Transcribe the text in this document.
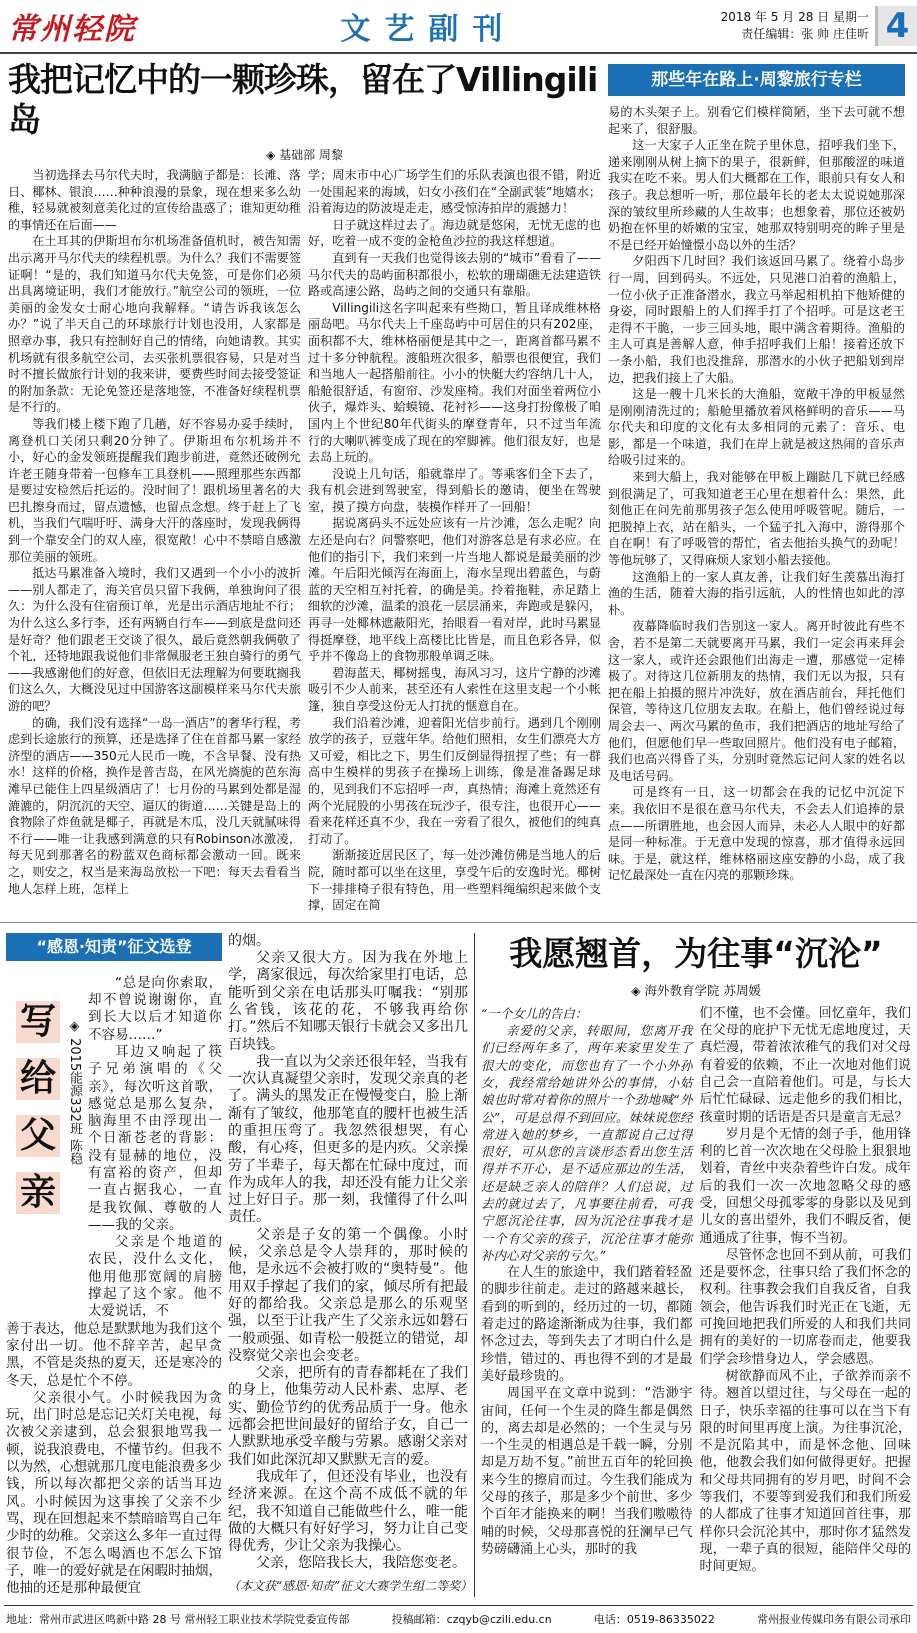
常州轻院	文艺副刊	2018 年 5 月 28 日 星期一
责任编辑：张 帅 庄佳昕 4
我把记忆中的一颗珍珠，留在了Villingili岛
◈ 基础部 周黎

当初选择去马尔代夫时，我满脑子都是：长滩、落日、椰林、银浪……种种浪漫的景象，现在想来多么幼稚，轻易就被刻意美化过的宣传给蛊惑了；谁知更幼稚的事情还在后面——

在土耳其的伊斯坦布尔机场准备值机时，被告知需出示离开马尔代夫的续程机票。为什么？我们不需要签证啊！“是的，我们知道马尔代夫免签，可是你们必须出具离境证明，我们才能放行。”航空公司的领班，一位美丽的金发女士耐心地向我解释。“请告诉我该怎么办？”说了半天自己的环球旅行计划也没用，人家都是照章办事，我只有控制好自己的情绪，向她请教。其实机场就有很多航空公司，去买张机票很容易，只是对当时不擅长做旅行计划的我来讲，要费些时间去接受签证的附加条款：无论免签还是落地签，不准备好续程机票是不行的。

等我们楼上楼下跑了几趟，好不容易办妥手续时，离登机口关闭只剩20分钟了。伊斯坦布尔机场并不小，好心的金发领班提醒我们跑步前进，竟然还破例允许老王随身带着一包修车工具登机——照理那些东西都是要过安检然后托运的。没时间了！跟机场里著名的大巴扎擦身而过，留点遗憾，也留点念想。终于赶上了飞机，当我们气喘吁吁、满身大汗的落座时，发现我俩得到一个靠安全门的双人座，很宽敞！心中不禁暗自感激那位美丽的领班。

抵达马累准备入境时，我们又遇到一个小小的波折——别人都走了，海关官员只留下我俩，单独询问了很久：为什么没有住宿预订单，光是出示酒店地址不行；为什么这么多行李，还有两辆自行车——到底是盘问还是好奇？他们跟老王交谈了很久，最后竟然朝我俩敬了个礼，还特地跟我说他们非常佩服老王独自骑行的勇气——我感谢他们的好意，但依旧无法理解为何要耽搁我们这么久，大概没见过中国游客这副模样来马尔代夫旅游的吧？

的确，我们没有选择“一岛一酒店”的奢华行程，考虑到长途旅行的预算，还是选择了住在首都马累一家经济型的酒店——350元人民币一晚，不含早餐、没有热水！这样的价格，换作是普吉岛，在风光旖旎的芭东海滩早已能住上四星级酒店了！七月份的马累到处都是湿漉漉的，阴沉沉的天空、逼仄的街道……关键是岛上的食物除了炸鱼就是椰子，再就是木瓜，没几天就腻味得不行——唯一让我感到满意的只有Robinson冰激凌，每天见到那著名的粉蓝双色商标都会激动一回。既来之，则安之，权当是来海岛放松一下吧：每天去看看当地人怎样上班，怎样上

学；周末市中心广场学生们的乐队表演也很不错，附近一处围起来的海域，妇女小孩们在“全副武装”地嬉水；沿着海边的防波堤走走，感受惊涛拍岸的震撼力！

日子就这样过去了。海边就是悠闲，无忧无虑的也好，吃着一成不变的金枪鱼沙拉的我这样想道。

直到有一天我们也觉得该去别的“城市”看看了——马尔代夫的岛屿面积都很小，松软的珊瑚礁无法建造铁路或高速公路，岛屿之间的交通只有靠船。

Villingili这名字叫起来有些拗口，暂且译成维林格丽岛吧。马尔代夫上千座岛屿中可居住的只有202座，面积都不大，维林格丽便是其中之一，距离首都马累不过十多分钟航程。渡船班次很多，船票也很便宜，我们和当地人一起搭船前往。小小的快艇大约容纳几十人，船舱很舒适，有窗帘、沙发座椅。我们对面坐着两位小伙子，爆炸头、蛤蟆镜、花衬衫——这身打扮像极了咱国内上个世纪80年代街头的摩登青年，只不过当年流行的大喇叭裤变成了现在的窄脚裤。他们很友好，也是去岛上玩的。

没说上几句话，船就靠岸了。等乘客们全下去了，我有机会进到驾驶室，得到船长的邀请，便坐在驾驶室，摸了摸方向盘，装模作样开了一回船！

据说离码头不远处应该有一片沙滩，怎么走呢？向左还是向右？问警察吧，他们对游客总是有求必应。在他们的指引下，我们来到一片当地人都说是最美丽的沙滩。午后阳光倾泻在海面上，海水呈现出碧蓝色，与蔚蓝的天空相互衬托着，的确是美。拎着拖鞋，赤足踏上细软的沙滩，温柔的浪花一层层涌来，奔跑或是躲闪，再寻一处椰林遮蔽阳光，抬眼看一看对岸，此时马累显得挺摩登，地平线上高楼比比皆是，而且色彩各异，似乎并不像岛上的食物那般单调乏味。

碧海蓝天，椰树摇曳，海风习习，这片宁静的沙滩吸引不少人前来，甚至还有人索性在这里支起一个小帐篷，独自享受这份无人打扰的惬意自在。

我们沿着沙滩，迎着阳光信步前行。遇到几个刚刚放学的孩子，豆蔻年华。给他们照相，女生们漂亮大方又可爱，相比之下，男生们反倒显得扭捏了些；有一群高中生模样的男孩子在操场上训练，像是准备踢足球的，见到我们不忘招呼一声，真热情；海滩上竟然还有两个光屁股的小男孩在玩沙子，很专注，也很开心——看来花样还真不少，我在一旁看了很久，被他们的纯真打动了。

渐渐接近居民区了，每一处沙滩仿佛是当地人的后院，随时都可以坐在这里，享受午后的安逸时光。椰树下一排排椅子很有特色，用一些塑料绳编织起来做个支撑，固定在简

那些年在路上·周黎旅行专栏

易的木头架子上。别看它们模样简陋，坐下去可就不想起来了，很舒服。

这一大家子人正坐在院子里休息，招呼我们坐下，递来刚刚从树上摘下的果子，很新鲜，但那酸涩的味道我实在吃不来。男人们大概都在工作，眼前只有女人和孩子。我总想听一听，那位最年长的老太太说说她那深深的皱纹里所珍藏的人生故事；也想象着，那位还被奶奶抱在怀里的娇嫩的宝宝，她那双特别明亮的眸子里是不是已经开始憧憬小岛以外的生活？

夕阳西下几时回？我们该返回马累了。绕着小岛步行一周，回到码头。不远处，只见港口泊着的渔船上，一位小伙子正准备潜水，我立马举起相机拍下他矫健的身姿，同时跟船上的人们挥手打了个招呼。可是这老王走得不干脆，一步三回头地，眼中满含着期待。渔船的主人可真是善解人意，伸手招呼我们上船！接着还放下一条小船，我们也没推辞，那潜水的小伙子把船划到岸边，把我们接上了大船。

这是一艘十几米长的大渔船，宽敞干净的甲板显然是刚刚清洗过的；船舱里播放着风格鲜明的音乐——马尔代夫和印度的文化有太多相同的元素了：音乐、电影，都是一个味道，我们在岸上就是被这热闹的音乐声给吸引过来的。

来到大船上，我对能够在甲板上蹦跶几下就已经感到很满足了，可我知道老王心里在想着什么：果然，此刻他正在问先前那男孩子怎么使用呼吸管呢。随后，一把脱掉上衣，站在船头，一个猛子扎入海中，游得那个自在啊！有了呼吸管的帮忙，省去他抬头换气的劲呢！等他玩够了，又得麻烦人家划小船去接他。

这渔船上的一家人真友善，让我们好生羡慕出海打渔的生活，随着大海的指引远航，人的性情也如此的淳朴。

夜幕降临时我们告别这一家人。离开时彼此有些不舍，若不是第二天就要离开马累，我们一定会再来拜会这一家人，或许还会跟他们出海走一遭，那感觉一定棒极了。对待这几位新朋友的热情，我们无以为报，只有把在船上拍摄的照片冲洗好，放在酒店前台，拜托他们保管，等待这几位朋友去取。在船上，他们曾经说过每周会去一、两次马累的鱼市，我们把酒店的地址写给了他们，但愿他们早一些取回照片。他们没有电子邮箱，我们也高兴得昏了头，分别时竟然忘记问人家的姓名以及电话号码。

可是终有一日，这一切都会在我的记忆中沉淀下来。我依旧不是很在意马尔代夫，不会去人们追捧的景点——所谓胜地，也会因人而异，未必人人眼中的好都是同一种标准。于无意中发现的惊喜，那才值得永远回味。于是，就这样，维林格丽这座安静的小岛，成了我记忆最深处一直在闪亮的那颗珍珠。

“感恩·知责”征文选登
写
给
父
亲
◈ 2015能源332班 陈稳

“总是向你索取，却不曾说谢谢你，直到长大以后才知道你不容易……”

耳边又响起了筷子兄弟演唱的《父亲》，每次听这首歌，感觉总是那么复杂，脑海里不由浮现出一个日渐苍老的背影：没有显赫的地位，没有富裕的资产，但却一直占据我心，一直是我钦佩、尊敬的人——我的父亲。

父亲是个地道的农民，没什么文化，他用他那宽阔的肩膀撑起了这个家。他不太爱说话，不

善于表达，他总是默默地为我们这个家付出一切。他不辞辛苦，起早贪黑，不管是炎热的夏天，还是寒冷的冬天，总是忙个不停。

父亲很小气。小时候我因为贪玩，出门时总是忘记关灯关电视，每次被父亲逮到，总会狠狠地骂我一顿，说我浪费电，不懂节约。但我不以为然，心想就那几度电能浪费多少钱，所以每次都把父亲的话当耳边风。小时候因为这事挨了父亲不少骂，现在回想起来不禁暗暗骂自己年少时的幼稚。父亲这么多年一直过得很节俭，不怎么喝酒也不怎么下馆子，唯一的爱好就是在闲暇时抽烟，他抽的还是那种最便宜

的烟。

父亲又很大方。因为我在外地上学，离家很远，每次给家里打电话，总能听到父亲在电话那头叮嘱我：“别那么省钱，该花的花，不够我再给你打。”然后不知哪天银行卡就会又多出几百块钱。

我一直以为父亲还很年轻，当我有一次认真凝望父亲时，发现父亲真的老了。满头的黑发正在慢慢变白，脸上渐渐有了皱纹，他那笔直的腰杆也被生活的重担压弯了。我忽然很想哭，有心酸，有心疼，但更多的是内疚。父亲操劳了半辈子，每天都在忙碌中度过，而作为成年人的我，却还没有能力让父亲过上好日子。那一刻，我懂得了什么叫责任。

父亲是子女的第一个偶像。小时候，父亲总是令人崇拜的，那时候的他，是永远不会被打败的“奥特曼”。他用双手撑起了我们的家，倾尽所有把最好的都给我。父亲总是那么的乐观坚强，以至于让我产生了父亲永远如磐石一般顽强、如青松一般挺立的错觉，却没察觉父亲也会变老。

父亲，把所有的青春都耗在了我们的身上，他集劳动人民朴素、忠厚、老实、勤俭节约的优秀品质于一身。他永远都会把世间最好的留给子女，自己一人默默地承受辛酸与劳累。感谢父亲对我们如此深沉却又默默无言的爱。

我成年了，但还没有毕业，也没有经济来源。在这个高不成低不就的年纪，我不知道自己能做些什么，唯一能做的大概只有好好学习，努力让自己变得优秀，少让父亲为我操心。

父亲，您陪我长大，我陪您变老。

（本文获“感恩·知责”征文大赛学生组二等奖）
我愿翘首，为往事“沉沦”
◈ 海外教育学院 苏周媛
“一个女儿的告白：

亲爱的父亲，转眼间，您离开我们已经两年多了，两年来家里发生了很大的变化，而您也有了一个小外孙女，我经常给她讲外公的事情，小姑娘也时常对着你的照片一个劲地喊“外公”，可是总得不到回应。妹妹说您经常进入她的梦乡，一直都说自己过得很好，可从您的言谈形态看出您生活得并不开心，是不适应那边的生活，还是缺乏亲人的陪伴？人们总说，过去的就过去了，凡事要往前看，可我宁愿沉沦往事，因为沉沦往事我才是一个有父亲的孩子，沉沦往事才能弥补内心对父亲的亏欠。”

在人生的旅途中，我们踏着轻盈的脚步往前走。走过的路越来越长，看到的听到的，经历过的一切，都随着走过的路途渐渐成为往事，我们都怀念过去，等到失去了才明白什么是珍惜，错过的、再也得不到的才是最美好最珍贵的。

周国平在文章中说到：“浩渺宇宙间，任何一个生灵的降生都是偶然的，离去却是必然的；一个生灵与另一个生灵的相遇总是千载一瞬，分别却是万劫不复。”前世五百年的轮回换来今生的擦肩而过。今生我们能成为父母的孩子，那是多少个前世、多少个百年才能换来的啊！当我们嗷嗷待哺的时候，父母那喜悦的狂澜早已气势磅礴涌上心头，那时的我

们不懂，也不会懂。回忆童年，我们在父母的庇护下无忧无虑地度过，天真烂漫，带着浓浓稚气的我们对父母有着爱的依赖，不止一次地对他们说自己会一直陪着他们。可是，与长大后忙忙碌碌、远走他乡的我们相比，孩童时期的话语是否只是童言无忌？

岁月是个无情的刽子手，他用锋利的匕首一次次地在父母脸上狠狠地划着，青丝中夹杂着些许白发。成年后的我们一次一次地忽略父母的感受，回想父母孤零零的身影以及见到儿女的喜出望外，我们不暇反省，便通通成了往事，悔不当初。

尽管怀念也回不到从前，可我们还是要怀念，往事只给了我们怀念的权利。往事教会我们自我反省，自我领会，他告诉我们时光正在飞逝，无可挽回地把我们所爱的人和我们共同拥有的美好的一切席卷而走，他要我们学会珍惜身边人，学会感恩。

树欲静而风不止，子欲养而亲不待。翘首以望过往，与父母在一起的日子，快乐幸福的往事可以在当下有限的时间里再度上演。为往事沉沦，不是沉陷其中，而是怀念他、回味他，他教会我们如何做得更好。把握和父母共同拥有的岁月吧，时间不会等我们，不要等到爱我们和我们所爱的人都成了往事才知道回首往事，那样你只会沉沦其中，那时你才猛然发现，一辈子真的很短，能陪伴父母的时间更短。

地址：常州市武进区鸣新中路 28 号 常州轻工职业技术学院党委宣传部	投稿邮箱：czqyb@czili.edu.cn	电话：0519-86335022	常州报业传媒印务有限公司承印
